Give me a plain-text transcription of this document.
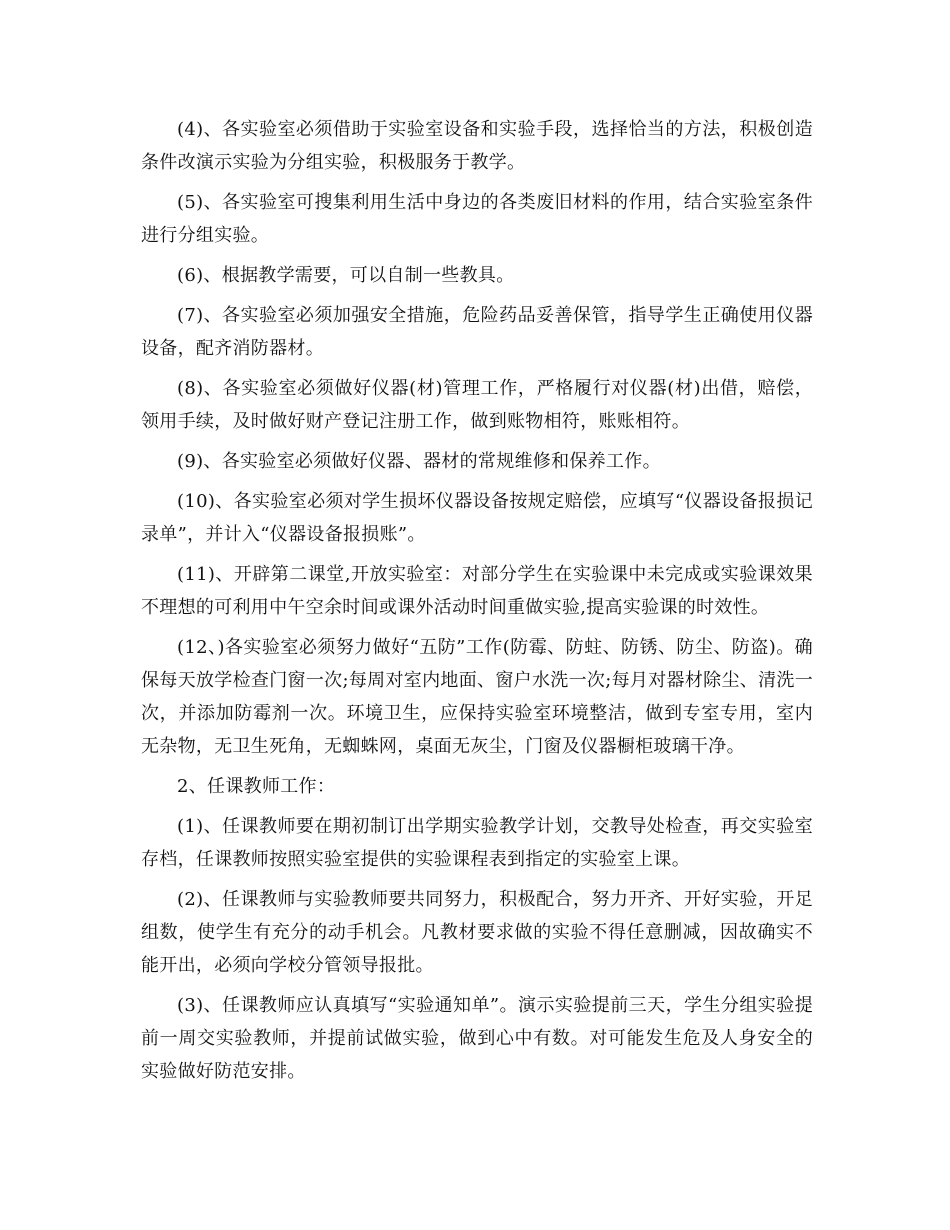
(4)、各实验室必须借助于实验室设备和实验手段，选择恰当的方法，积极创造条件改演示实验为分组实验，积极服务于教学。

(5)、各实验室可搜集利用生活中身边的各类废旧材料的作用，结合实验室条件进行分组实验。

(6)、根据教学需要，可以自制一些教具。

(7)、各实验室必须加强安全措施，危险药品妥善保管，指导学生正确使用仪器设备，配齐消防器材。

(8)、各实验室必须做好仪器(材)管理工作，严格履行对仪器(材)出借，赔偿，领用手续，及时做好财产登记注册工作，做到账物相符，账账相符。

(9)、各实验室必须做好仪器、器材的常规维修和保养工作。

(10)、各实验室必须对学生损坏仪器设备按规定赔偿，应填写“仪器设备报损记录单”，并计入“仪器设备报损账”。

(11)、开辟第二课堂,开放实验室：对部分学生在实验课中未完成或实验课效果不理想的可利用中午空余时间或课外活动时间重做实验,提高实验课的时效性。

(12、)各实验室必须努力做好“五防”工作(防霉、防蛀、防锈、防尘、防盗)。确保每天放学检查门窗一次;每周对室内地面、窗户水洗一次;每月对器材除尘、清洗一次，并添加防霉剂一次。环境卫生，应保持实验室环境整洁，做到专室专用，室内无杂物，无卫生死角，无蜘蛛网，桌面无灰尘，门窗及仪器橱柜玻璃干净。

2、任课教师工作：

(1)、任课教师要在期初制订出学期实验教学计划，交教导处检查，再交实验室存档，任课教师按照实验室提供的实验课程表到指定的实验室上课。

(2)、任课教师与实验教师要共同努力，积极配合，努力开齐、开好实验，开足组数，使学生有充分的动手机会。凡教材要求做的实验不得任意删减，因故确实不能开出，必须向学校分管领导报批。

(3)、任课教师应认真填写“实验通知单”。演示实验提前三天，学生分组实验提前一周交实验教师，并提前试做实验，做到心中有数。对可能发生危及人身安全的实验做好防范安排。
